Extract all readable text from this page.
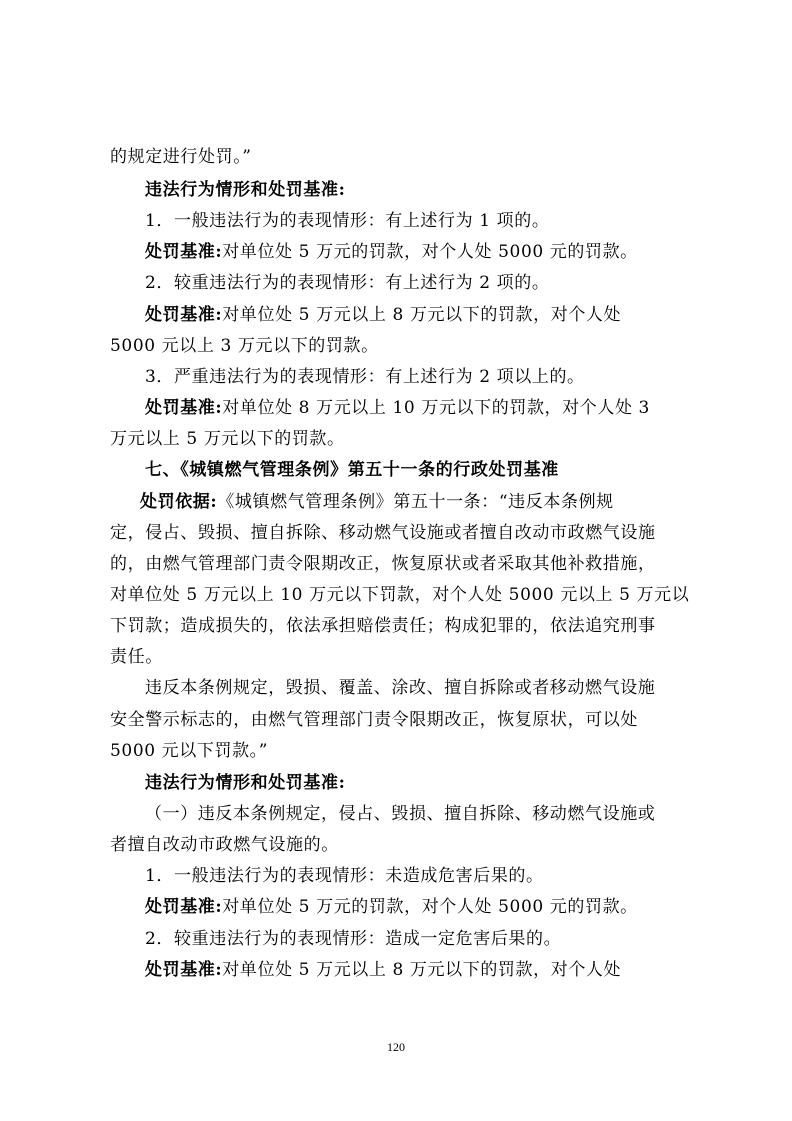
的规定进行处罚。”
违法行为情形和处罚基准:
1．一般违法行为的表现情形：有上述行为 1 项的。
处罚基准:对单位处 5 万元的罚款，对个人处 5000 元的罚款。
2．较重违法行为的表现情形：有上述行为 2 项的。
处罚基准:对单位处 5 万元以上 8 万元以下的罚款，对个人处
5000 元以上 3 万元以下的罚款。
3．严重违法行为的表现情形：有上述行为 2 项以上的。
处罚基准:对单位处 8 万元以上 10 万元以下的罚款，对个人处 3
万元以上 5 万元以下的罚款。
七、《城镇燃气管理条例》第五十一条的行政处罚基准
处罚依据:《城镇燃气管理条例》第五十一条：“违反本条例规
定，侵占、毁损、擅自拆除、移动燃气设施或者擅自改动市政燃气设施
的，由燃气管理部门责令限期改正，恢复原状或者采取其他补救措施，
对单位处 5 万元以上 10 万元以下罚款，对个人处 5000 元以上 5 万元以
下罚款；造成损失的，依法承担赔偿责任；构成犯罪的，依法追究刑事
责任。
违反本条例规定，毁损、覆盖、涂改、擅自拆除或者移动燃气设施
安全警示标志的，由燃气管理部门责令限期改正，恢复原状，可以处
5000 元以下罚款。”
违法行为情形和处罚基准:
（一）违反本条例规定，侵占、毁损、擅自拆除、移动燃气设施或
者擅自改动市政燃气设施的。
1．一般违法行为的表现情形：未造成危害后果的。
处罚基准:对单位处 5 万元的罚款，对个人处 5000 元的罚款。
2．较重违法行为的表现情形：造成一定危害后果的。
处罚基准:对单位处 5 万元以上 8 万元以下的罚款，对个人处
120
